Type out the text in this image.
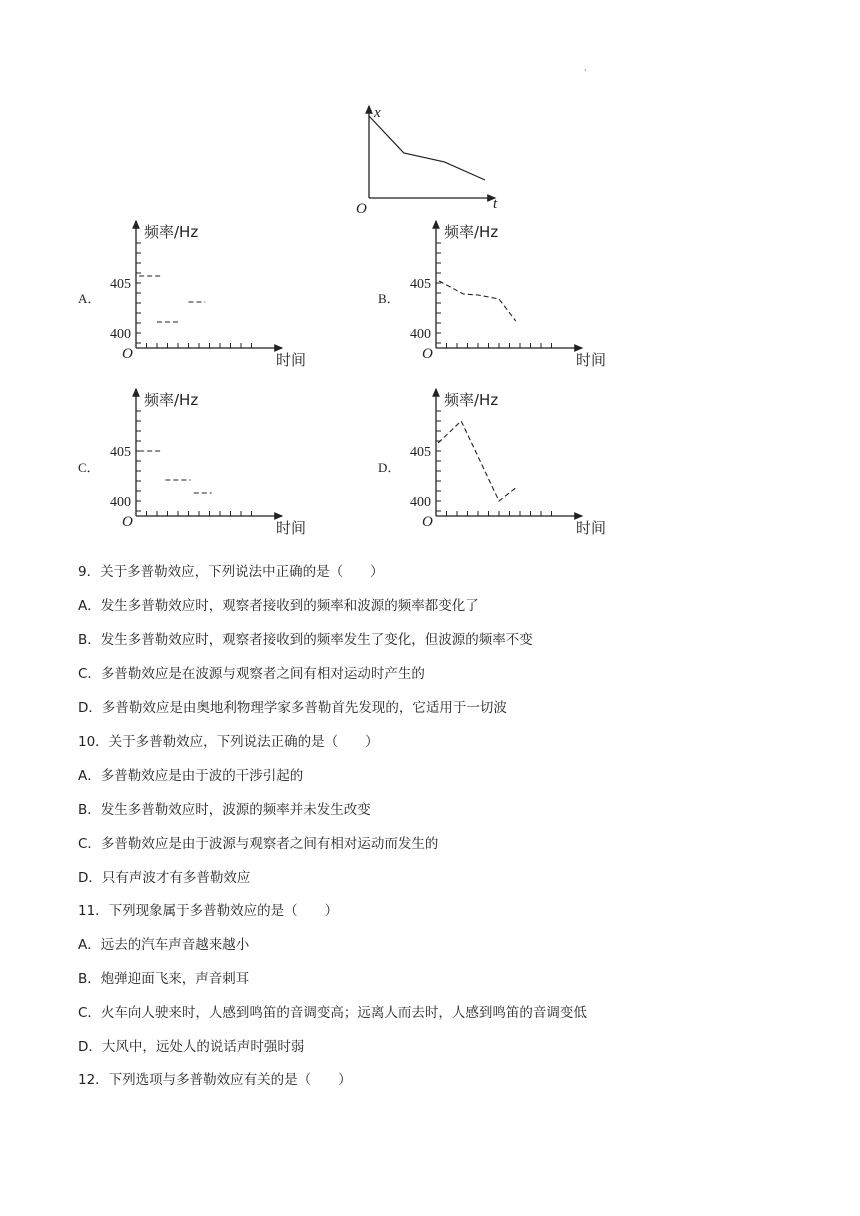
·
x
t
O
A．	B．
C．	D．
频率/Hz
时间
O
405
400
频率/Hz
时间
O
405
400
频率/Hz
时间
O
405
400
频率/Hz
时间
O
405
400
9．关于多普勒效应，下列说法中正确的是（　　）
A．发生多普勒效应时，观察者接收到的频率和波源的频率都变化了
B．发生多普勒效应时，观察者接收到的频率发生了变化，但波源的频率不变
C．多普勒效应是在波源与观察者之间有相对运动时产生的
D．多普勒效应是由奥地利物理学家多普勒首先发现的，它适用于一切波
10．关于多普勒效应，下列说法正确的是（　　）
A．多普勒效应是由于波的干涉引起的
B．发生多普勒效应时，波源的频率并未发生改变
C．多普勒效应是由于波源与观察者之间有相对运动而发生的
D．只有声波才有多普勒效应
11．下列现象属于多普勒效应的是（　　）
A．远去的汽车声音越来越小
B．炮弹迎面飞来，声音刺耳
C．火车向人驶来时，人感到鸣笛的音调变高；远离人而去时，人感到鸣笛的音调变低
D．大风中，远处人的说话声时强时弱
12．下列选项与多普勒效应有关的是（　　）
